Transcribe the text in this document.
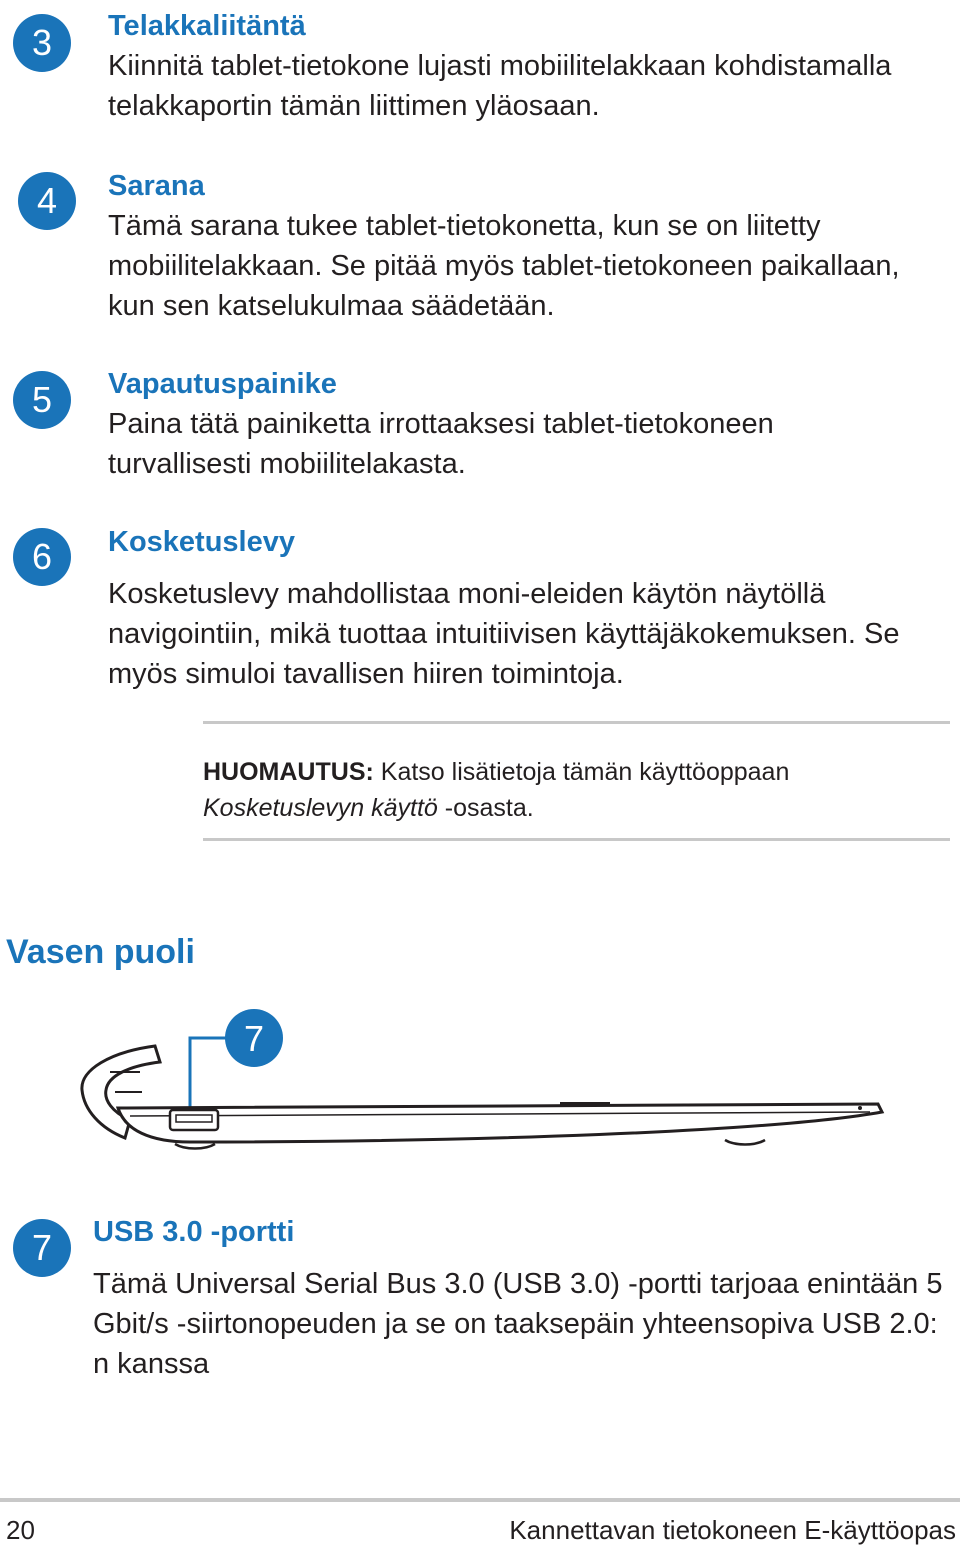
3	Telakkaliitäntä
Kiinnitä tablet-tietokone lujasti mobiilitelakkaan kohdistamalla
telakkaportin tämän liittimen yläosaan.
4	Sarana
Tämä sarana tukee tablet-tietokonetta, kun se on liitetty
mobiilitelakkaan. Se pitää myös tablet-tietokoneen paikallaan,
kun sen katselukulmaa säädetään.
5	Vapautuspainike
Paina tätä painiketta irrottaaksesi tablet-tietokoneen
turvallisesti mobiilitelakasta.
6	Kosketuslevy
Kosketuslevy mahdollistaa moni-eleiden käytön näytöllä
navigointiin, mikä tuottaa intuitiivisen käyttäjäkokemuksen. Se
myös simuloi tavallisen hiiren toimintoja.
HUOMAUTUS: Katso lisätietoja tämän käyttöoppaan
Kosketuslevyn käyttö -osasta.
Vasen puoli
7
7	USB 3.0 -portti
Tämä Universal Serial Bus 3.0 (USB 3.0) -portti tarjoaa enintään 5
Gbit/s -siirtonopeuden ja se on taaksepäin yhteensopiva USB 2.0:
n kanssa
20	Kannettavan tietokoneen E-käyttöopas
